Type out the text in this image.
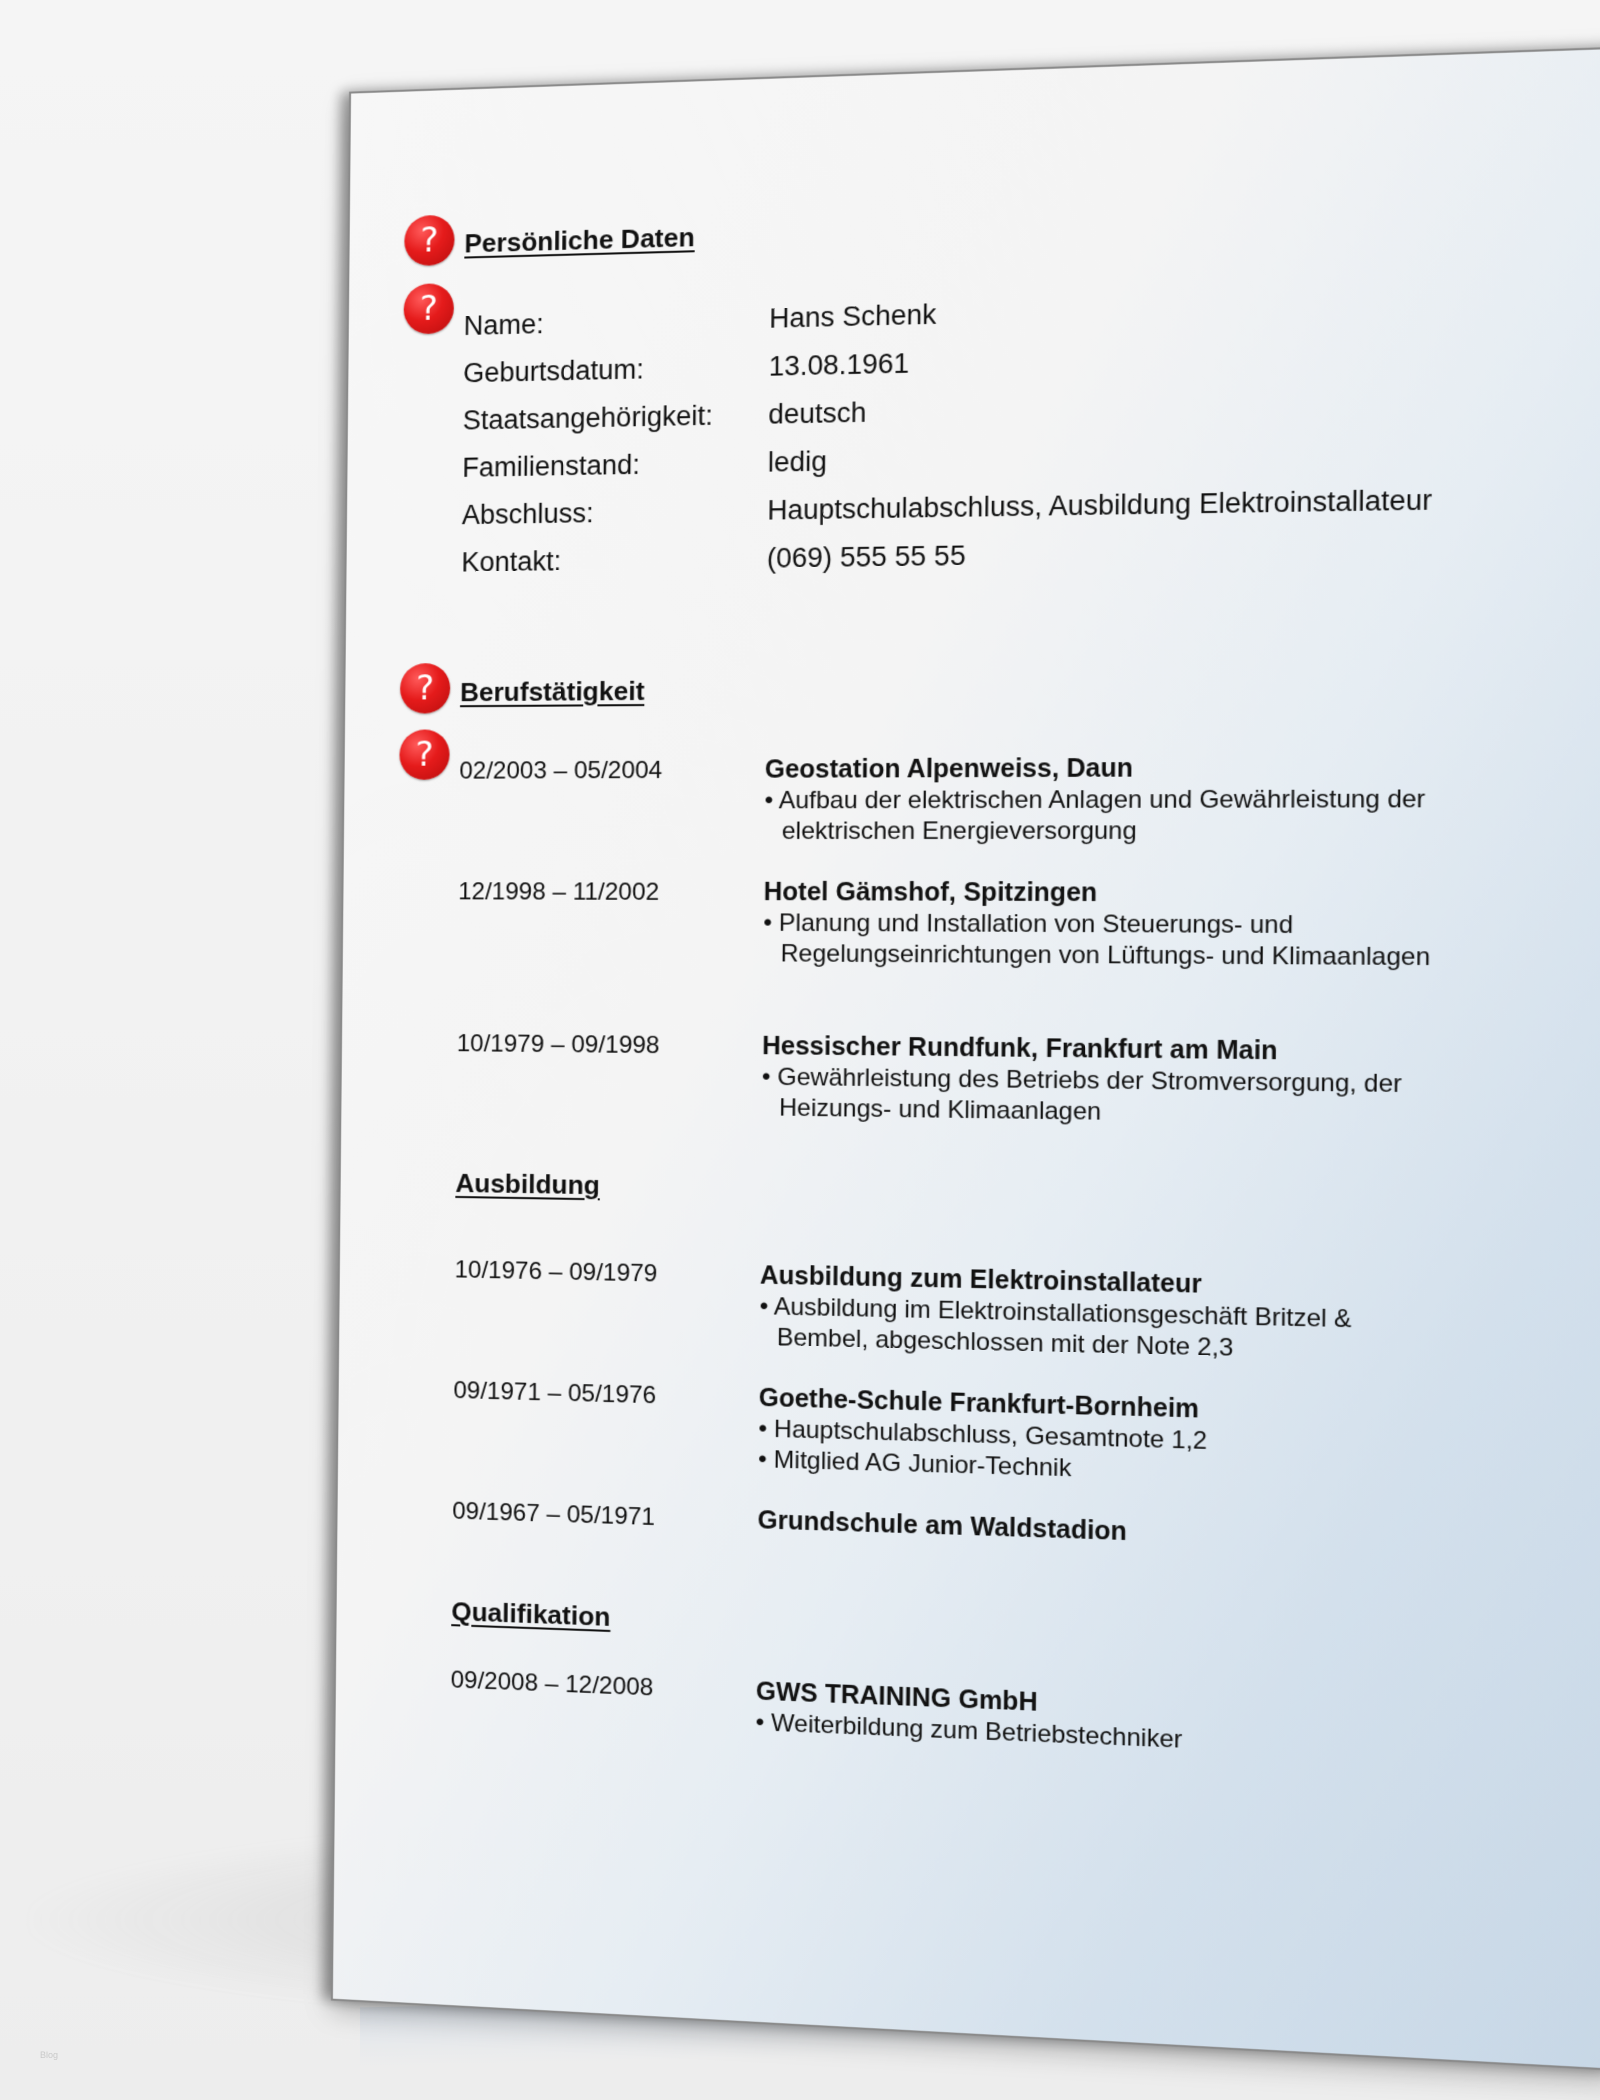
?
?
?
?
Persönliche Daten
Name:	Hans Schenk
Geburtsdatum:	13.08.1961
Staatsangehörigkeit: deutsch
Familienstand:	ledig
Abschluss:	Hauptschulabschluss, Ausbildung Elektroinstallateur
Kontakt:	(069) 555 55 55
Berufstätigkeit
02/2003 – 05/2004	Geostation Alpenweiss, Daun
• Aufbau der elektrischen Anlagen und Gewährleistung der elektrischen Energieversorgung
12/1998 – 11/2002	Hotel Gämshof, Spitzingen
• Planung und Installation von Steuerungs- und Regelungseinrichtungen von Lüftungs- und Klimaanlagen
10/1979 – 09/1998	Hessischer Rundfunk, Frankfurt am Main
• Gewährleistung des Betriebs der Stromversorgung, der Heizungs- und Klimaanlagen
Ausbildung
10/1976 – 09/1979	Ausbildung zum Elektroinstallateur
• Ausbildung im Elektroinstallationsgeschäft Britzel & Bembel, abgeschlossen mit der Note 2,3
09/1971 – 05/1976	Goethe-Schule Frankfurt-Bornheim
• Hauptschulabschluss, Gesamtnote 1,2
• Mitglied AG Junior-Technik
09/1967 – 05/1971	Grundschule am Waldstadion
Qualifikation
09/2008 – 12/2008	GWS TRAINING GmbH
• Weiterbildung zum Betriebstechniker
Blog
